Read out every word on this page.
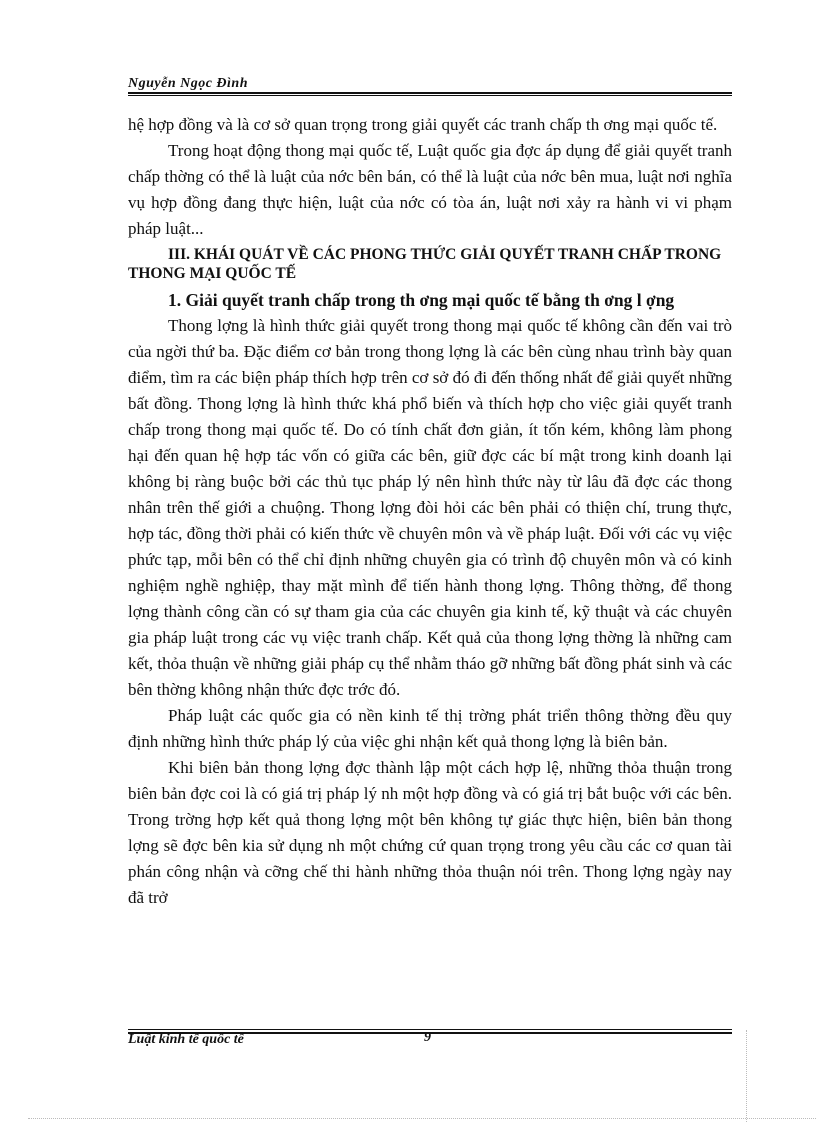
Nguyễn Ngọc Đình

hệ hợp đồng và là cơ sở quan trọng trong giải quyết các tranh chấp th ơng mại quốc tế.

Trong hoạt động thong mại quốc tế, Luật quốc gia đợc áp dụng để giải quyết tranh chấp thờng có thể là luật của nớc bên bán, có thể là luật của nớc bên mua, luật nơi nghĩa vụ hợp đồng đang thực hiện, luật của nớc có tòa án, luật nơi xảy ra hành vi vi phạm pháp luật...

III. KHÁI QUÁT VỀ CÁC PHONG THỨC GIẢI QUYẾT TRANH CHẤP TRONG THONG MẠI QUỐC TẾ

1. Giải quyết tranh chấp trong th ơng mại quốc tế bằng th ơng l ợng

Thong lợng là hình thức giải quyết trong thong mại quốc tế không cần đến vai trò của ngời thứ ba. Đặc điểm cơ bản trong thong lợng là các bên cùng nhau trình bày quan điểm, tìm ra các biện pháp thích hợp trên cơ sở đó đi đến thống nhất để giải quyết những bất đồng. Thong lợng là hình thức khá phổ biến và thích hợp cho việc giải quyết tranh chấp trong thong mại quốc tế. Do có tính chất đơn giản, ít tốn kém, không làm phong hại đến quan hệ hợp tác vốn có giữa các bên, giữ đợc các bí mật trong kinh doanh lại không bị ràng buộc bởi các thủ tục pháp lý nên hình thức này từ lâu đã đợc các thong nhân trên thế giới a chuộng. Thong lợng đòi hỏi các bên phải có thiện chí, trung thực, hợp tác, đồng thời phải có kiến thức về chuyên môn và về pháp luật. Đối với các vụ việc phức tạp, mỗi bên có thể chỉ định những chuyên gia có trình độ chuyên môn và có kinh nghiệm nghề nghiệp, thay mặt mình để tiến hành thong lợng. Thông thờng, để thong lợng thành công cần có sự tham gia của các chuyên gia kinh tế, kỹ thuật và các chuyên gia pháp luật trong các vụ việc tranh chấp. Kết quả của thong lợng thờng là những cam kết, thỏa thuận về những giải pháp cụ thể nhằm tháo gỡ những bất đồng phát sinh và các bên thờng không nhận thức đợc trớc đó.

Pháp luật các quốc gia có nền kinh tế thị trờng phát triển thông thờng đều quy định những hình thức pháp lý của việc ghi nhận kết quả thong lợng là biên bản.

Khi biên bản thong lợng đợc thành lập một cách hợp lệ, những thỏa thuận trong biên bản đợc coi là có giá trị pháp lý nh một hợp đồng và có giá trị bắt buộc với các bên. Trong trờng hợp kết quả thong lợng một bên không tự giác thực hiện, biên bản thong lợng sẽ đợc bên kia sử dụng nh một chứng cứ quan trọng trong yêu cầu các cơ quan tài phán công nhận và cỡng chế thi hành những thỏa thuận nói trên. Thong lợng ngày nay đã trở

Luật kinh tế quốc tế	9
